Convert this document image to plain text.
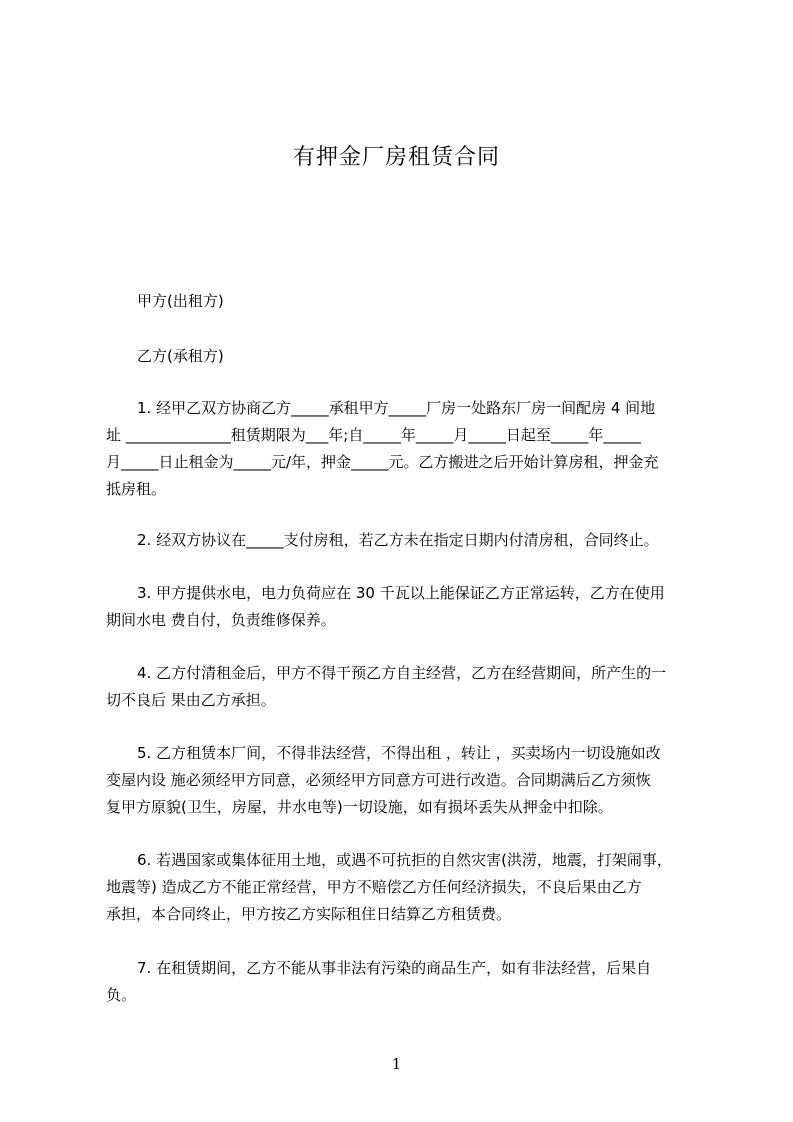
有押金厂房租赁合同
甲方(出租方)
乙方(承租方)
1. 经甲乙双方协商乙方_____承租甲方_____厂房一处路东厂房一间配房 4 间地
址 ______________租赁期限为___年;自_____年_____月_____日起至_____年_____
月_____日止租金为_____元/年，押金_____元。乙方搬进之后开始计算房租，押金充
抵房租。
2. 经双方协议在_____支付房租，若乙方未在指定日期内付清房租，合同终止。
3. 甲方提供水电，电力负荷应在 30 千瓦以上能保证乙方正常运转，乙方在使用
期间水电 费自付，负责维修保养。
4. 乙方付清租金后，甲方不得干预乙方自主经营，乙方在经营期间，所产生的一
切不良后 果由乙方承担。
5. 乙方租赁本厂间，不得非法经营，不得出租 ，转让 ，买卖场内一切设施如改
变屋内设 施必须经甲方同意，必须经甲方同意方可进行改造。合同期满后乙方须恢
复甲方原貌(卫生，房屋，井水电等)一切设施，如有损坏丢失从押金中扣除。
6. 若遇国家或集体征用土地，或遇不可抗拒的自然灾害(洪涝，地震，打架闹事，
地震等) 造成乙方不能正常经营，甲方不赔偿乙方任何经济损失，不良后果由乙方
承担，本合同终止，甲方按乙方实际租住日结算乙方租赁费。
7. 在租赁期间，乙方不能从事非法有污染的商品生产，如有非法经营，后果自
负。
1
